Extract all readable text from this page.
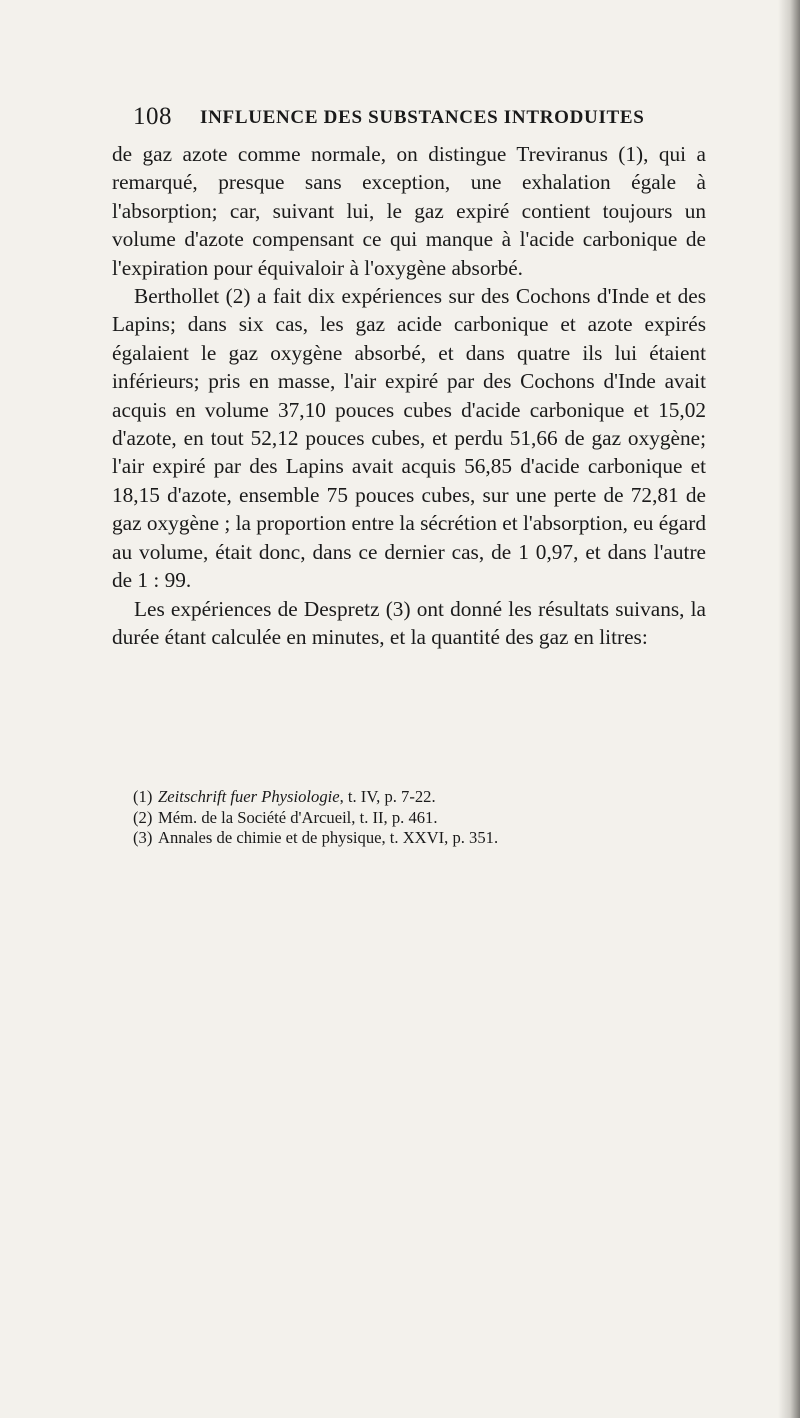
108 INFLUENCE DES SUBSTANCES INTRODUITES

de gaz azote comme normale, on distingue Treviranus (1), qui a remarqué, presque sans exception, une exhalation égale à l'absorption; car, suivant lui, le gaz expiré contient toujours un volume d'azote compensant ce qui manque à l'acide carbonique de l'expiration pour équivaloir à l'oxygène absorbé.

Berthollet (2) a fait dix expériences sur des Cochons d'Inde et des Lapins; dans six cas, les gaz acide carbonique et azote expirés égalaient le gaz oxygène absorbé, et dans quatre ils lui étaient inférieurs; pris en masse, l'air expiré par des Cochons d'Inde avait acquis en volume 37,10 pouces cubes d'acide carbonique et 15,02 d'azote, en tout 52,12 pouces cubes, et perdu 51,66 de gaz oxygène; l'air expiré par des Lapins avait acquis 56,85 d'acide carbonique et 18,15 d'azote, ensemble 75 pouces cubes, sur une perte de 72,81 de gaz oxygène ; la proportion entre la sécrétion et l'absorption, eu égard au volume, était donc, dans ce dernier cas, de 1 0,97, et dans l'autre de 1 : 99.

Les expériences de Despretz (3) ont donné les résultats suivans, la durée étant calculée en minutes, et la quantité des gaz en litres:

(1) Zeitschrift fuer Physiologie, t. IV, p. 7-22.
(2) Mém. de la Société d'Arcueil, t. II, p. 461.
(3) Annales de chimie et de physique, t. XXVI, p. 351.
